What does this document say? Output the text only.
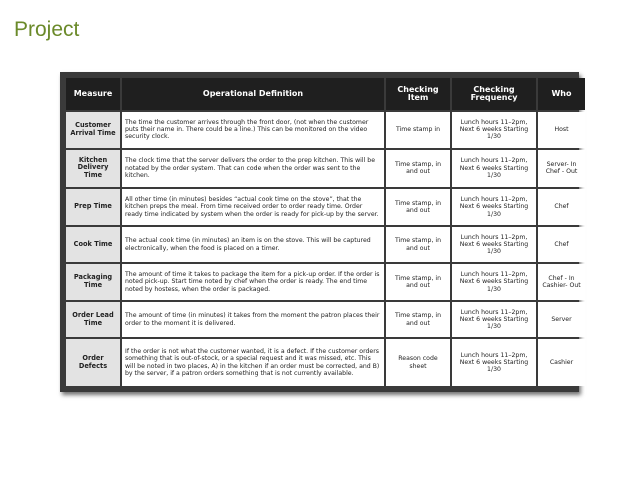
Project
Measure	Operational Definition	Checking Item	Checking Frequency	Who
Customer Arrival Time	The time the customer arrives through the front door, (not when the customer puts their name in. There could be a line.) This can be monitored on the video security clock.	Time stamp in	Lunch hours 11–2pm, Next 6 weeks Starting 1/30	Host
Kitchen Delivery Time	The clock time that the server delivers the order to the prep kitchen. This will be notated by the order system. That can code when the order was sent to the kitchen.	Time stamp, in and out	Lunch hours 11–2pm, Next 6 weeks Starting 1/30	Server- In Chef - Out
Prep Time	All other time (in minutes) besides “actual cook time on the stove”, that the kitchen preps the meal. From time received order to order ready time. Order ready time indicated by system when the order is ready for pick-up by the server.	Time stamp, in and out	Lunch hours 11–2pm, Next 6 weeks Starting 1/30	Chef
Cook Time	The actual cook time (in minutes) an item is on the stove. This will be captured electronically, when the food is placed on a timer.	Time stamp, in and out	Lunch hours 11–2pm, Next 6 weeks Starting 1/30	Chef
Packaging Time	The amount of time it takes to package the item for a pick-up order. If the order is noted pick-up. Start time noted by chef when the order is ready. The end time noted by hostess, when the order is packaged.	Time stamp, in and out	Lunch hours 11–2pm, Next 6 weeks Starting 1/30	Chef - In Cashier- Out
Order Lead Time	The amount of time (in minutes) it takes from the moment the patron places their order to the moment it is delivered.	Time stamp, in and out	Lunch hours 11–2pm, Next 6 weeks Starting 1/30	Server
Order Defects	If the order is not what the customer wanted, it is a defect. If the customer orders something that is out-of-stock, or a special request and it was missed, etc. This will be noted in two places, A) in the kitchen if an order must be corrected, and B) by the server, if a patron orders something that is not currently available.	Reason code sheet	Lunch hours 11–2pm, Next 6 weeks Starting 1/30	Cashier
